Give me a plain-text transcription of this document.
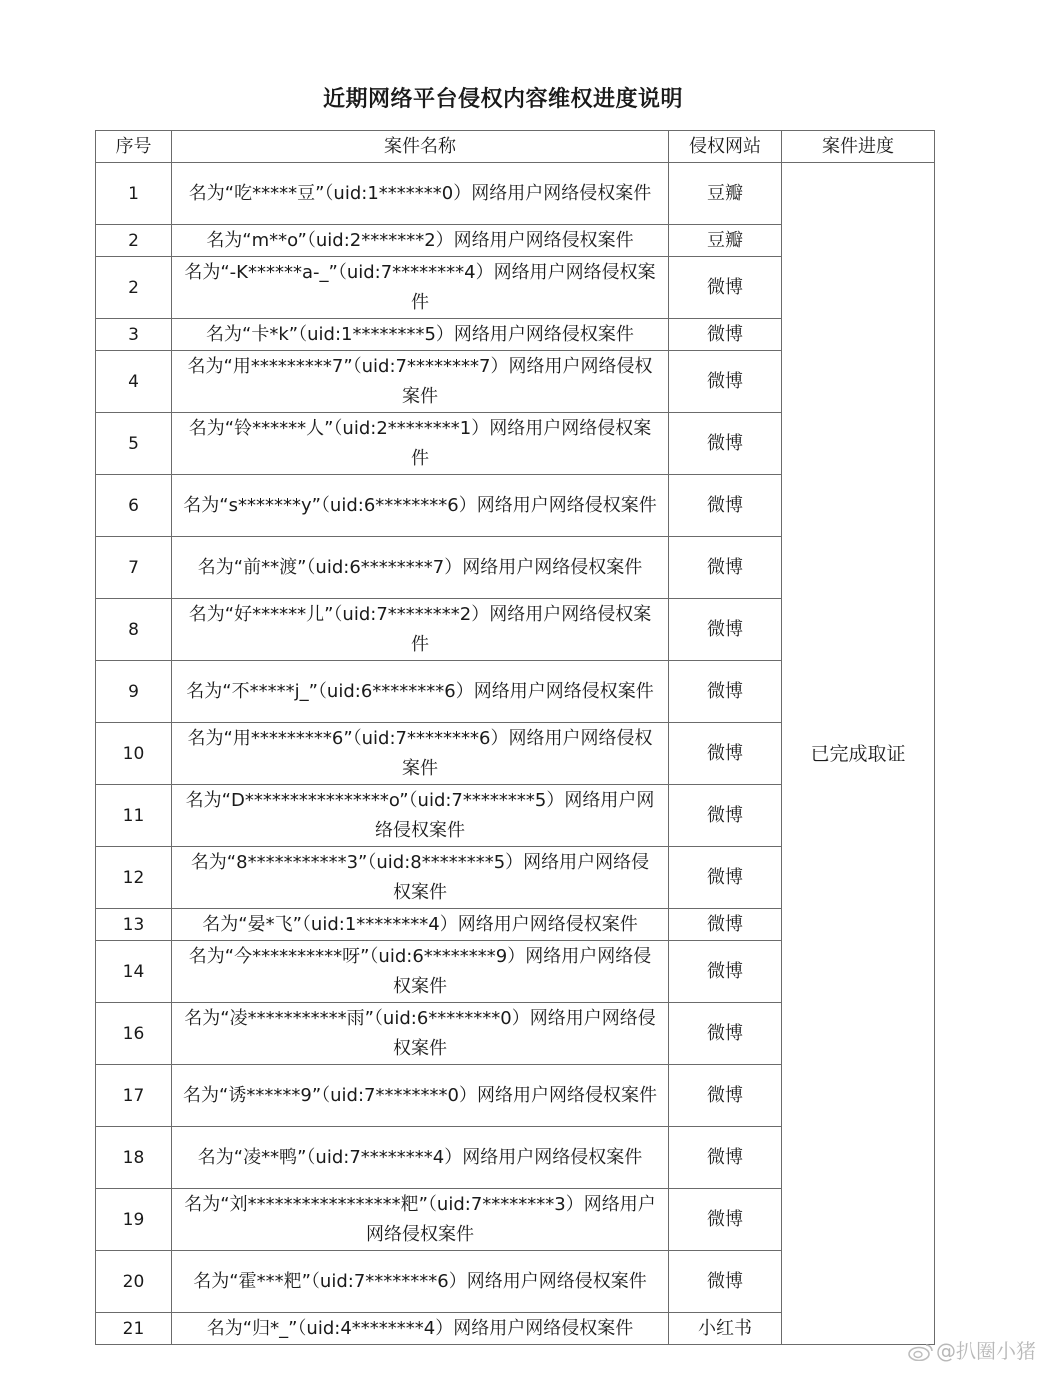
近期网络平台侵权内容维权进度说明
序号	案件名称	侵权网站	案件进度
1	名为“吃*****豆”（uid:1*******0）网络用户网络侵权案件	豆瓣	已完成取证
2	名为“m**o”（uid:2*******2）网络用户网络侵权案件	豆瓣	
2	名为“-K******a-_”（uid:7********4）网络用户网络侵权案件	微博	
3	名为“卡*k”（uid:1********5）网络用户网络侵权案件	微博	
4	名为“用*********7”（uid:7********7）网络用户网络侵权案件	微博	
5	名为“铃******人”（uid:2********1）网络用户网络侵权案件	微博	
6	名为“s*******y”（uid:6********6）网络用户网络侵权案件	微博	
7	名为“前**渡”（uid:6********7）网络用户网络侵权案件	微博	
8	名为“好******儿”（uid:7********2）网络用户网络侵权案件	微博	
9	名为“不*****j_”（uid:6********6）网络用户网络侵权案件	微博	
10	名为“用*********6”（uid:7********6）网络用户网络侵权案件	微博	
11	名为“D****************o”（uid:7********5）网络用户网络侵权案件	微博	
12	名为“8***********3”（uid:8********5）网络用户网络侵权案件	微博	
13	名为“晏*飞”（uid:1********4）网络用户网络侵权案件	微博	
14	名为“今**********呀”（uid:6********9）网络用户网络侵权案件	微博	
16	名为“凌***********雨”（uid:6********0）网络用户网络侵权案件	微博	
17	名为“诱******9”（uid:7********0）网络用户网络侵权案件	微博	
18	名为“凌**鸭”（uid:7********4）网络用户网络侵权案件	微博	
19	名为“刘*****************粑”（uid:7********3）网络用户网络侵权案件	微博	
20	名为“霍***粑”（uid:7********6）网络用户网络侵权案件	微博	
21	名为“归*_”（uid:4********4）网络用户网络侵权案件	小红书	
@扒圈小猪
